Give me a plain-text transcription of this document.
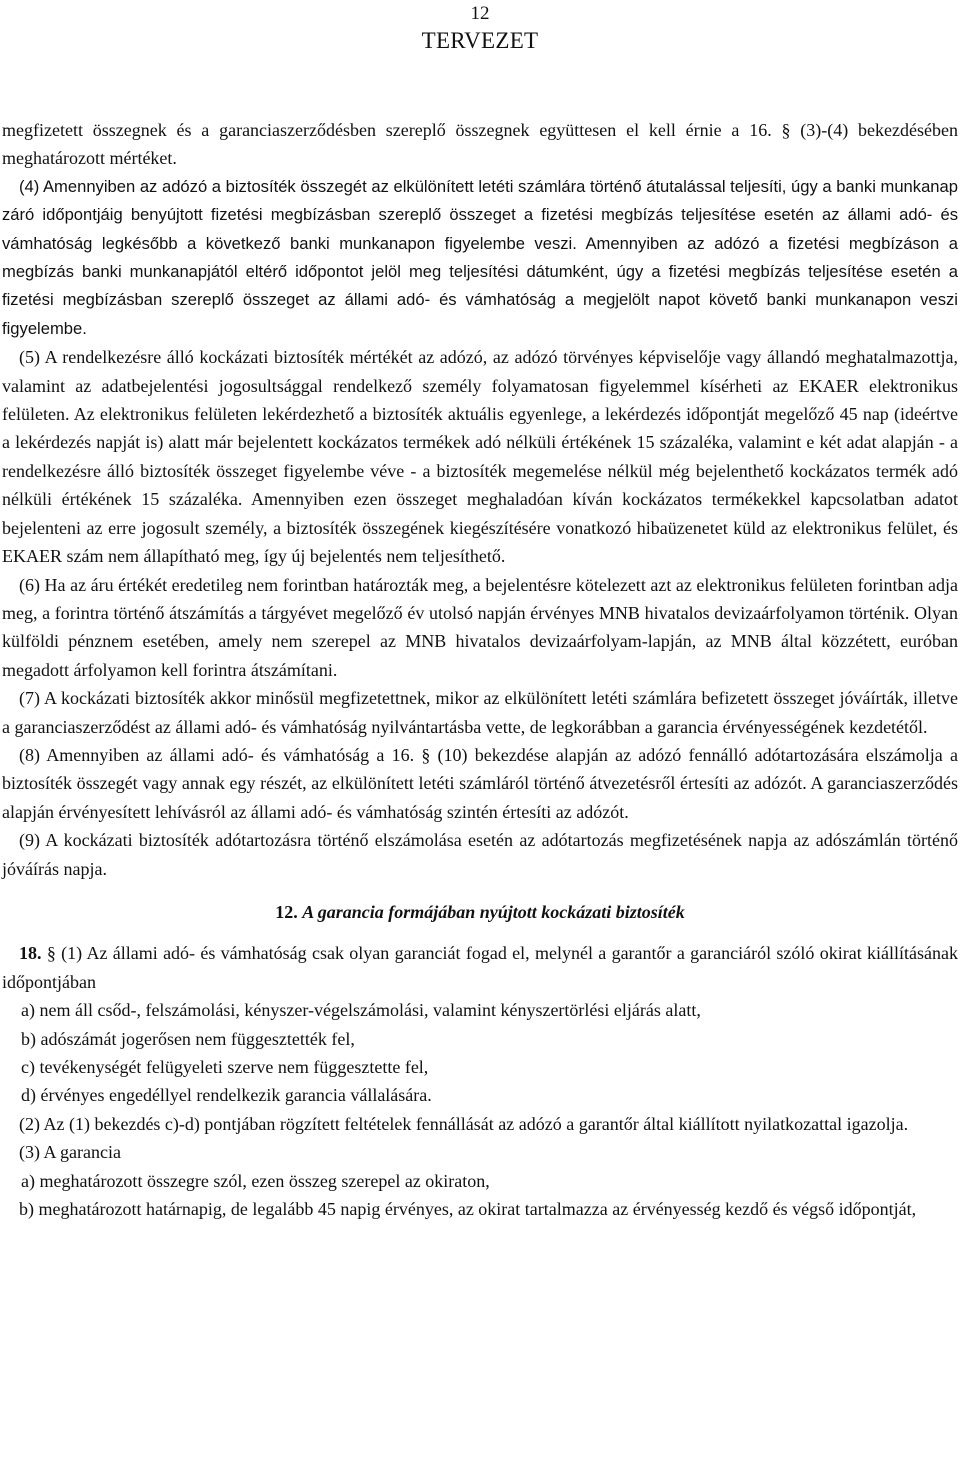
12
TERVEZET

megfizetett összegnek és a garanciaszerződésben szereplő összegnek együttesen el kell érnie a 16. § (3)-(4) bekezdésében meghatározott mértéket.

(4) Amennyiben az adózó a biztosíték összegét az elkülönített letéti számlára történő átutalással teljesíti, úgy a banki munkanap záró időpontjáig benyújtott fizetési megbízásban szereplő összeget a fizetési megbízás teljesítése esetén az állami adó- és vámhatóság legkésőbb a következő banki munkanapon figyelembe veszi. Amennyiben az adózó a fizetési megbízáson a megbízás banki munkanapjától eltérő időpontot jelöl meg teljesítési dátumként, úgy a fizetési megbízás teljesítése esetén a fizetési megbízásban szereplő összeget az állami adó- és vámhatóság a megjelölt napot követő banki munkanapon veszi figyelembe.

(5) A rendelkezésre álló kockázati biztosíték mértékét az adózó, az adózó törvényes képviselője vagy állandó meghatalmazottja, valamint az adatbejelentési jogosultsággal rendelkező személy folyamatosan figyelemmel kísérheti az EKAER elektronikus felületen. Az elektronikus felületen lekérdezhető a biztosíték aktuális egyenlege, a lekérdezés időpontját megelőző 45 nap (ideértve a lekérdezés napját is) alatt már bejelentett kockázatos termékek adó nélküli értékének 15 százaléka, valamint e két adat alapján - a rendelkezésre álló biztosíték összeget figyelembe véve - a biztosíték megemelése nélkül még bejelenthető kockázatos termék adó nélküli értékének 15 százaléka. Amennyiben ezen összeget meghaladóan kíván kockázatos termékekkel kapcsolatban adatot bejelenteni az erre jogosult személy, a biztosíték összegének kiegészítésére vonatkozó hibaüzenetet küld az elektronikus felület, és EKAER szám nem állapítható meg, így új bejelentés nem teljesíthető.

(6) Ha az áru értékét eredetileg nem forintban határozták meg, a bejelentésre kötelezett azt az elektronikus felületen forintban adja meg, a forintra történő átszámítás a tárgyévet megelőző év utolsó napján érvényes MNB hivatalos devizaárfolyamon történik. Olyan külföldi pénznem esetében, amely nem szerepel az MNB hivatalos devizaárfolyam-lapján, az MNB által közzétett, euróban megadott árfolyamon kell forintra átszámítani.

(7) A kockázati biztosíték akkor minősül megfizetettnek, mikor az elkülönített letéti számlára befizetett összeget jóváírták, illetve a garanciaszerződést az állami adó- és vámhatóság nyilvántartásba vette, de legkorábban a garancia érvényességének kezdetétől.

(8) Amennyiben az állami adó- és vámhatóság a 16. § (10) bekezdése alapján az adózó fennálló adótartozására elszámolja a biztosíték összegét vagy annak egy részét, az elkülönített letéti számláról történő átvezetésről értesíti az adózót. A garanciaszerződés alapján érvényesített lehívásról az állami adó- és vámhatóság szintén értesíti az adózót.

(9) A kockázati biztosíték adótartozásra történő elszámolása esetén az adótartozás megfizetésének napja az adószámlán történő jóváírás napja.

12. A garancia formájában nyújtott kockázati biztosíték

18. § (1) Az állami adó- és vámhatóság csak olyan garanciát fogad el, melynél a garantőr a garanciáról szóló okirat kiállításának időpontjában

a) nem áll csőd-, felszámolási, kényszer-végelszámolási, valamint kényszertörlési eljárás alatt,

b) adószámát jogerősen nem függesztették fel,

c) tevékenységét felügyeleti szerve nem függesztette fel,

d) érvényes engedéllyel rendelkezik garancia vállalására.

(2) Az (1) bekezdés c)-d) pontjában rögzített feltételek fennállását az adózó a garantőr által kiállított nyilatkozattal igazolja.

(3) A garancia

a) meghatározott összegre szól, ezen összeg szerepel az okiraton,

b) meghatározott határnapig, de legalább 45 napig érvényes, az okirat tartalmazza az érvényesség kezdő és végső időpontját,
